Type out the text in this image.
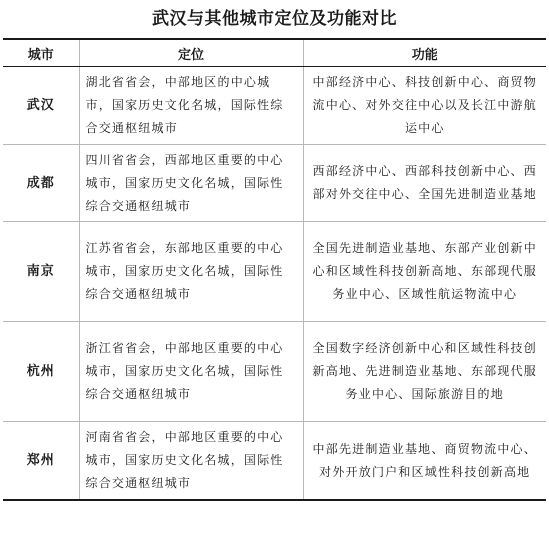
武汉与其他城市定位及功能对比
城市	定位	功能
武汉	湖北省省会，中部地区的中心城市，国家历史文化名城，国际性综合交通枢纽城市	中部经济中心、科技创新中心、商贸物流中心、对外交往中心以及长江中游航运中心
成都	四川省省会，西部地区重要的中心城市，国家历史文化名城，国际性综合交通枢纽城市	西部经济中心、西部科技创新中心、西部对外交往中心、全国先进制造业基地
南京	江苏省省会，东部地区重要的中心城市，国家历史文化名城，国际性综合交通枢纽城市	全国先进制造业基地、东部产业创新中心和区域性科技创新高地、东部现代服务业中心、区域性航运物流中心
杭州	浙江省省会，中部地区重要的中心城市，国家历史文化名城，国际性综合交通枢纽城市	全国数字经济创新中心和区域性科技创新高地、先进制造业基地、东部现代服务业中心、国际旅游目的地
郑州	河南省省会，中部地区重要的中心城市，国家历史文化名城，国际性综合交通枢纽城市	中部先进制造业基地、商贸物流中心、对外开放门户和区域性科技创新高地
